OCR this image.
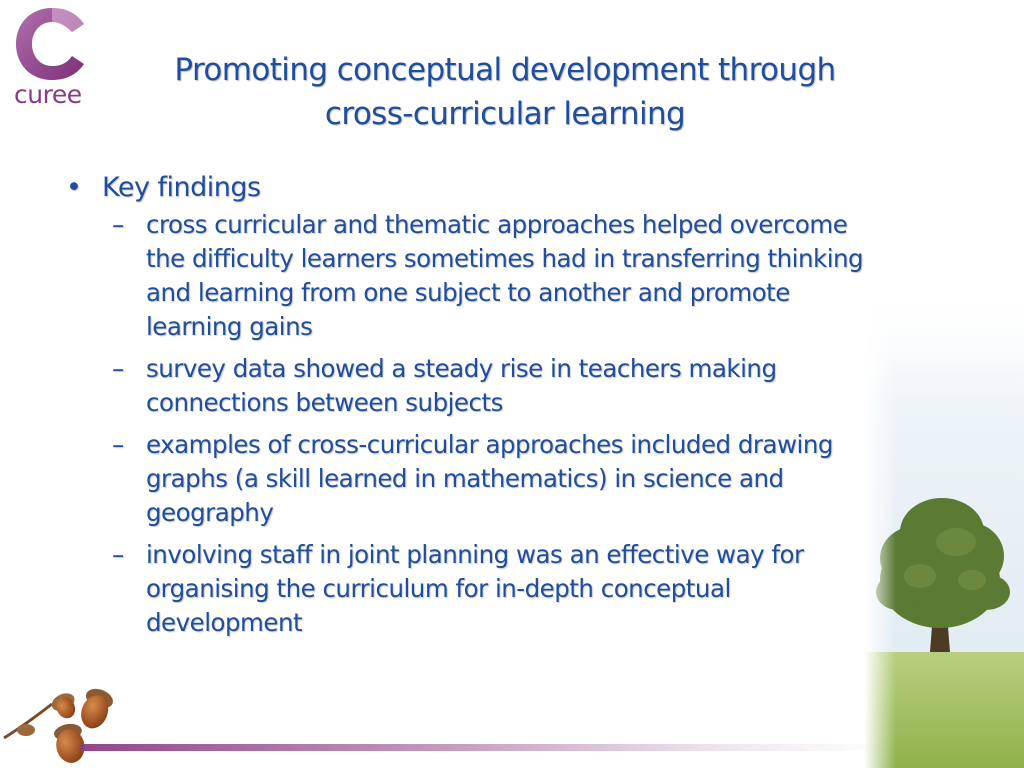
curee
Promoting conceptual development through
cross-curricular learning
• Key findings
– cross curricular and thematic approaches helped overcome the difficulty learners sometimes had in transferring thinking and learning from one subject to another and promote learning gains
– survey data showed a steady rise in teachers making connections between subjects
– examples of cross-curricular approaches included drawing graphs (a skill learned in mathematics) in science and geography
– involving staff in joint planning was an effective way for organising the curriculum for in-depth conceptual development
